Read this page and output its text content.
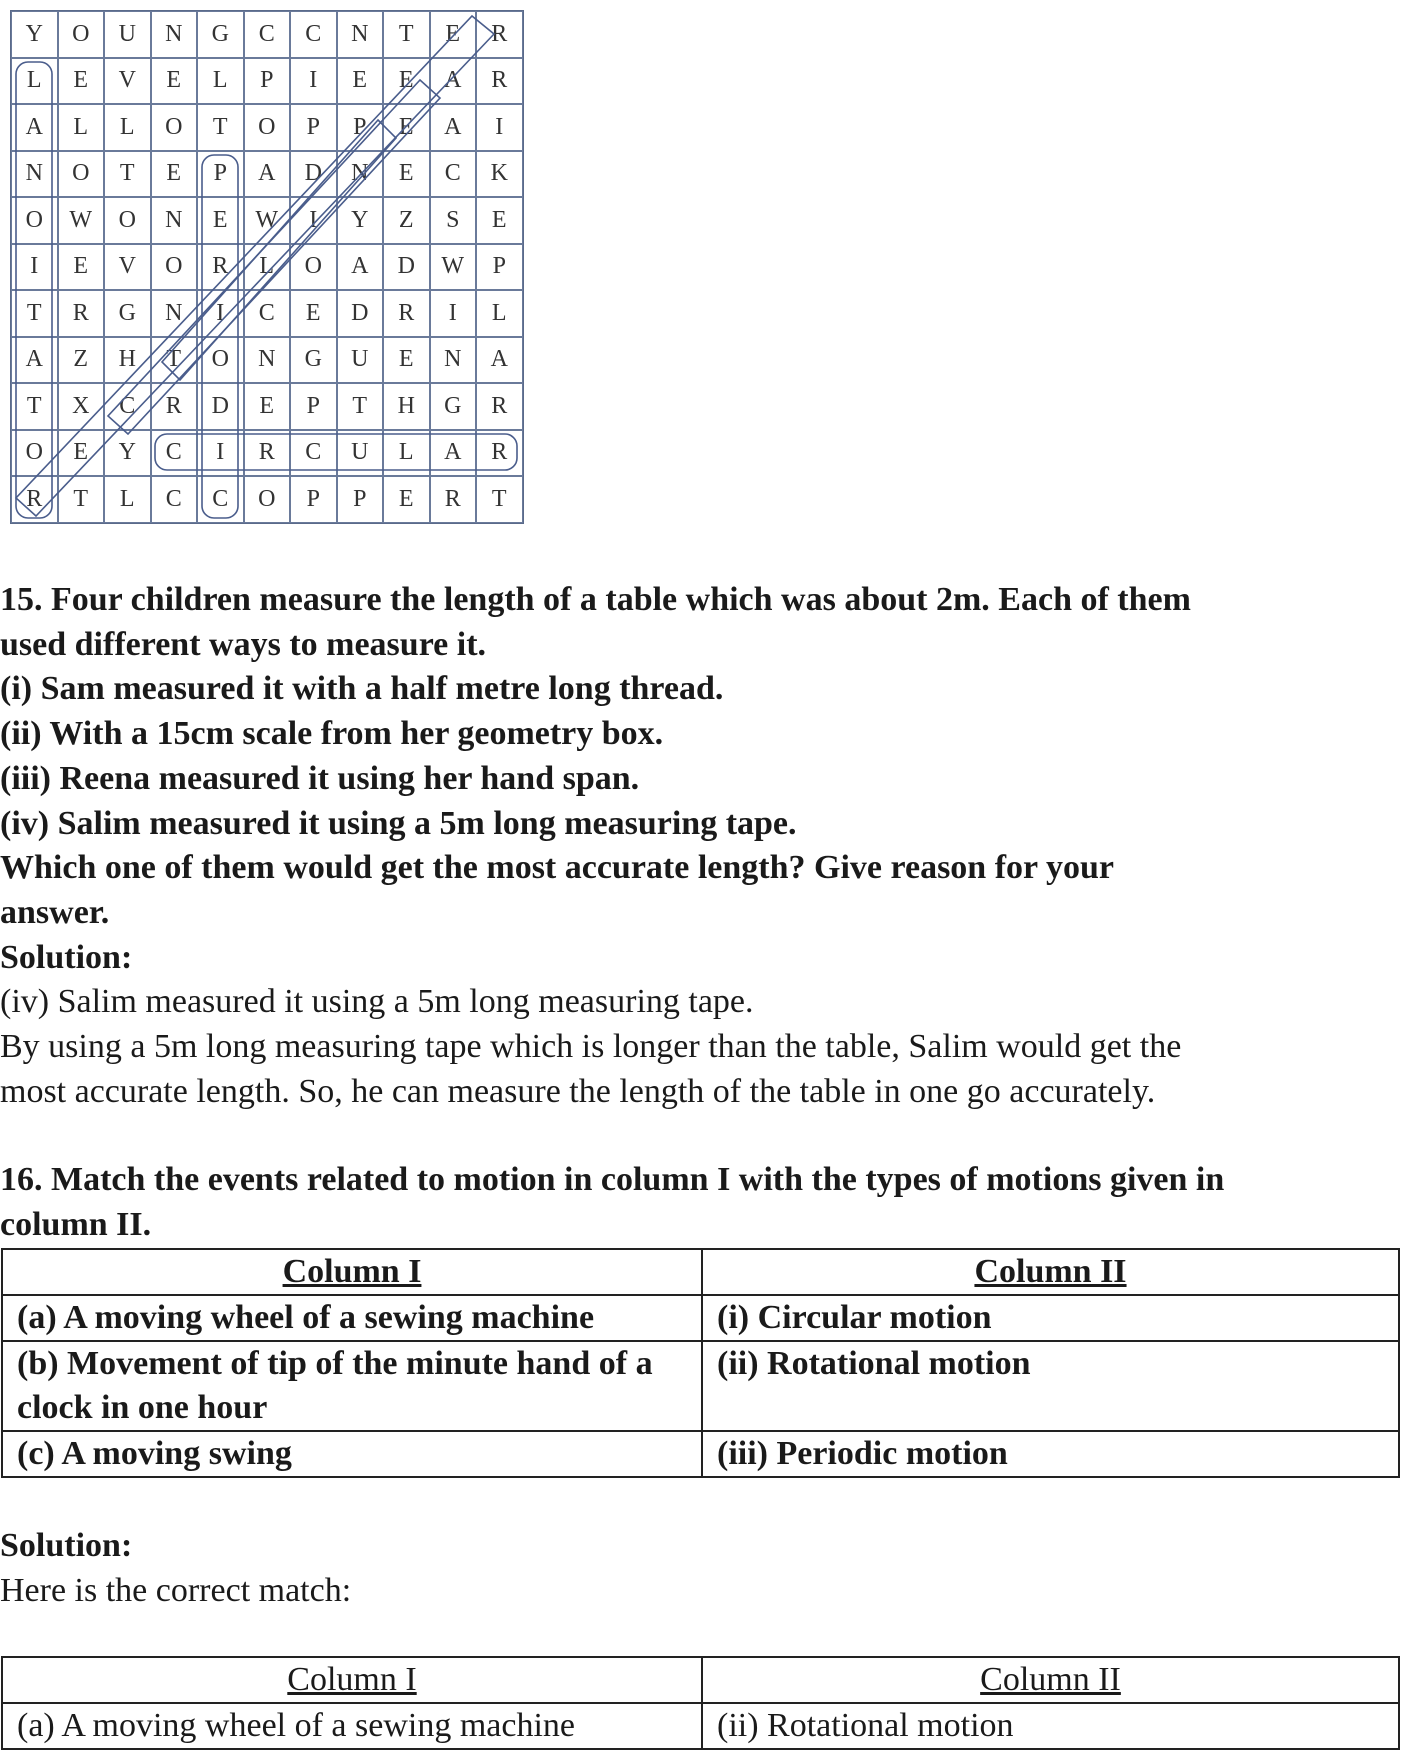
Y	O	U	N	G	C	C	N	T	E	R
L	E	V	E	L	P	I	E	E	A	R
A	L	L	O	T	O	P	P	E	A	I
N	O	T	E	P	A	D	N	E	C	K
O	W	O	N	E	W	I	Y	Z	S	E
I	E	V	O	R	L	O	A	D	W	P
T	R	G	N	I	C	E	D	R	I	L
A	Z	H	T	O	N	G	U	E	N	A
T	X	C	R	D	E	P	T	H	G	R
O	E	Y	C	I	R	C	U	L	A	R
R	T	L	C	C	O	P	P	E	R	T

15. Four children measure the length of a table which was about 2m. Each of them

used different ways to measure it.

(i) Sam measured it with a half metre long thread.

(ii) With a 15cm scale from her geometry box.

(iii) Reena measured it using her hand span.

(iv) Salim measured it using a 5m long measuring tape.

Which one of them would get the most accurate length? Give reason for your

answer.

Solution:

(iv) Salim measured it using a 5m long measuring tape.

By using a 5m long measuring tape which is longer than the table, Salim would get the

most accurate length. So, he can measure the length of the table in one go accurately.

16. Match the events related to motion in column I with the types of motions given in

column II.

Column I	Column II
(a) A moving wheel of a sewing machine	(i) Circular motion
(b) Movement of tip of the minute hand of a clock in one hour	(ii) Rotational motion
(c) A moving swing	(iii) Periodic motion

Solution:

Here is the correct match:

Column I	Column II
(a) A moving wheel of a sewing machine	(ii) Rotational motion
